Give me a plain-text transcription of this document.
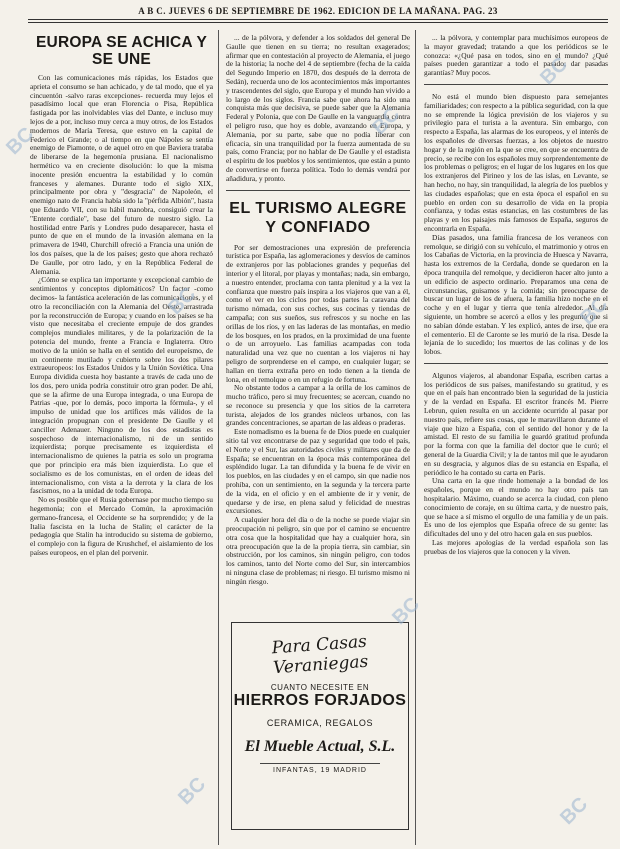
A B C. JUEVES 6 DE SEPTIEMBRE DE 1962. EDICION DE LA MAÑANA. PAG. 23
EUROPA SE ACHICA Y SE UNE

Con las comunicaciones más rápidas, los Estados que aprieta el consumo se han achicado, y de tal modo, que el ya cincuentón -salvo raras excepciones- recuerda muy lejos el pasadísimo local que eran Florencia o Pisa, República fastigada por las inolvidables vías del Dante, e incluso muy lejos de a por, incluso muy cerca a muy otros, de los Estados modernos de María Teresa, que estuvo en la capital de Federico el Grande; o al tiempo en que Nápoles se sentía enemigo de Piamonte, o de aquel otro en que Baviera trataba de liberarse de la hegemonía prusiana. El nacionalismo hermético va en creciente disolución: lo que la misma inocente presión encuentra la estabilidad y lo común franceses y alemanes. Durante todo el siglo XIX, principalmente por obra y "desgracia" de Napoleón, el enemigo nato de Francia había sido la "pérfida Albión", hasta que Eduardo VII, con su hábil manobra, consiguió crear la "Entente cordiale", base del futuro de nuestro siglo. La hostilidad entre París y Londres pudo desaparecer, hasta el punto de que en el mundo de la invasión alemana en la primavera de 1940, Churchill ofreció a Francia una unión de los dos países, que la de los países; gesto que ahora rechazó De Gaulle, por otro lado, y en la República Federal de Alemania.

¿Cómo se explica tan importante y excepcional cambio de sentimientos y conceptos diplomáticos? Un factor -como decimos- la fantástica aceleración de las comunicaciones, y el otro la reconciliación con la Alemania del Oeste, arrastrada por la reconstrucción de Europa; y cuando en los países se ha visto que necesitaba el creciente empuje de dos grandes complejos mundiales militares, y de la polarización de la potencia del mundo, frente a Francia e Inglaterra. Otro motivo de la unión se halla en el sentido del europeísmo, de un continente mutilado y cubierto sobre los dos pilares extraeuropeos: los Estados Unidos y la Unión Soviética. Una Europa dividida cuesta hoy bastante a través de cada uno de los dos, pero unida podría constituir otro gran poder. De ahí, que se la afirme de una Europa integrada, o una Europa de Patrias -que, por lo demás, poco importa la fórmula-, y el impulso de unidad que los artífices más válidos de la integración propugnan con el presidente De Gaulle y el canciller Adenauer. Ninguno de los dos estadistas es sospechoso de internacionalismo, ni de un sentido izquierdista; porque precisamente es izquierdista el internacionalismo de quienes la patria es solo un programa que por principio era más bien izquierdista. Lo que el socialismo es de los comunistas, en el orden de ideas del internacionalismo, con vista a la derrota y la clara de los fascismos, no a la unidad de toda Europa.

No es posible que el Rusia gobernase por mucho tiempo su hegemonía; con el Mercado Común, la aproximación germano-francesa, el Occidente se ha sorprendido; y de la Italia fascista en la lucha de Stalin; el carácter de la pedagogía que Stalin ha introducido su sistema de gobierno, el complejo con la figura de Krushchef, el aislamiento de los países europeos, en el plan del porvenir.

... de la pólvora, y defender a los soldados del general De Gaulle que tienen en su tierra; no resultan exagerados; afirmar que en contestación al proyecto de Alemania, el juego de la historia; la noche del 4 de septiembre (fecha de la caída del Segundo Imperio en 1870, dos después de la derrota de Sedán), recuerda uno de los acontecimientos más importantes y trascendentes del siglo, que Europa y el mundo han vivido a lo largo de los siglos. Francia sabe que ahora ha sido una conquista más que decisiva, se puede saber que la Alemania Federal y Polonia, que con De Gaulle en la vanguardia contra el peligro ruso, que hoy es doble, avanzando en Europa, y Alemania, por su parte, sabe que no podía liberar con eficacia, sin una tranquilidad por la fuerza aumentada de su país, como Francia; por no hablar de De Gaulle y el estadista el espíritu de los pueblos y los sentimientos, que están a punto de convertirse en fuerza política. Todo lo demás vendrá por añadidura, y pronto.

EL TURISMO ALEGRE Y CONFIADO

Por ser demostraciones una expresión de preferencia turística por España, las aglomeraciones y desvíos de caminos de extranjeros por las poblaciones grandes y pequeñas del interior y el litoral, por playas y montañas; nada, sin embargo, a nuestro entender, proclama con tanta plenitud y a la vez la confianza que nuestro país inspira a los viajeros que van a él, como el ver en los ciclos por todas partes la caravana del turismo nómada, con sus coches, sus cocinas y tiendas de campaña; con sus sueños, sus refrescos y su noche en las orillas de los ríos, y en las laderas de las montañas, en medio de los bosques, en los prados, en la proximidad de una fuente o de un arroyuelo. Las familias acampadas con toda naturalidad una vez que no cuentan a los viajeros ni hay peligro de sorprenderse en el campo, en cualquier lugar; se hallan en tierra extraña pero en todo tienen a la tienda de lona, en el remolque o en un refugio de fortuna.

No obstante todos a campar a la orilla de los caminos de mucho tráfico, pero si muy frecuentes; se acercan, cuando no se reconoce su presencia y que los sitios de la carretera turista, alejados de los grandes núcleos urbanos, con las grandes concentraciones, se apartan de las aldeas o praderas.

Este nomadismo es la buena fe de Dios puede en cualquier sitio tal vez encontrarse de paz y seguridad que todo el país, el Norte y el Sur, las autoridades civiles y militares que da de España; se encuentran en la época más contemporánea del espléndido lugar. La tan difundida y la buena fe de vivir en los pueblos, en las ciudades y en el campo, sin que nadie nos prohíba, con un sentimiento, en la segunda y la tercera parte de la vida, en el oficio y en el ambiente de ir y venir, de quedarse y de irse, en plena salud y felicidad de nuestras excursiones.

A cualquier hora del día o de la noche se puede viajar sin preocupación ni peligro, sin que por el camino se encuentre otra cosa que la hospitalidad que hay a cualquier hora, sin otra preocupación que la de la propia tierra, sin cambiar, sin obstrucción, por los caminos, sin ningún peligro, con todos los caminos, tanto del Norte como del Sur, sin intercambios ni ninguna clase de problemas; ni riesgo. El turismo mismo ni ningún riesgo.

Para Casas Veraniegas
CUANTO NECESITE EN
HIERROS FORJADOS
CERAMICA, REGALOS
El Mueble Actual, S.L.
INFANTAS, 19 MADRID

... la pólvora, y contemplar para muchísimos europeos de la mayor gravedad; tratando a que los periódicos se le conozca: «¿Qué pasa en todos, sino en el mundo? ¿Qué países pueden garantizar a todo el pasado; dar pasadas garantías? Muy pocos.

No está el mundo bien dispuesto para semejantes familiaridades; con respecto a la pública seguridad, con la que no se emprende la lógica previsión de los viajeros y su privilegio para el turista a la aventura. Sin embargo, con respecto a España, las alarmas de los europeos, y el interés de los españoles de diversas fuerzas, a los objetos de nuestro hogar y de la región en la que se cree, en que se encuentra de precio, se recibe con los españoles muy sorprendentemente de los problemas o peligros; en el lugar de los lugares en los que los extranjeros del Pirineo y los de las islas, en Levante, se han hecho, no hay, sin tranquilidad, la alegría de los pueblos y las ciudades españolas; que en esta época el español en su pueblo en orden con su desarrollo de vida en la propia confianza, y todas estas estancias, en las costumbres de las playas y en los paisajes más famosos de España, seguros de encontrarla en España.

Días pasados, una familia francesa de los veraneos con remolque, se dirigió con su vehículo, el matrimonio y otros en los Cabañas de Victoria, en la provincia de Huesca y Navarra, hasta los extremos de la Cerdaña, donde se quedaron en la época tranquila del remolque, y decidieron hacer alto junto a un edificio de aspecto ordinario. Preparamos una cena de circunstancias, guisamos y la comida; sin preocuparse de buscar un lugar de los de afuera, la familia hizo noche en el coche y en el lugar y tierra que tenía alrededor. Al día siguiente, un hombre se acercó a ellos y les preguntó que si no sabían dónde estaban. Y les explicó, antes de irse, que era el cementerio. El de Caronte se les murió de la risa. Desde la lejanía de lo sucedido; los muertos de las colinas y de los lobos.

Algunos viajeros, al abandonar España, escriben cartas a los periódicos de sus países, manifestando su gratitud, y es que en el país han encontrado bien la seguridad de la justicia y de la verdad en España. El escritor francés M. Pierre Lebrun, quien resulta en un accidente ocurrido al pasar por nuestro país, refiere sus cosas, que le maravillaron durante el viaje que hizo a España, con el sentido del honor y de la amistad. El resto de su familia le guardó gratitud profunda por la forma con que la familia del doctor que le curó; el general de la Guardia Civil; y la de tantos mil que le ayudaron en su desgracia, y algunos días de su estancia en España, el periódico le ha contado su carta en París.

Una carta en la que rinde homenaje a la bondad de los españoles, porque en el mundo no hay otro país tan hospitalario. Máximo, cuando se acerca la ciudad, con pleno conocimiento de coraje, en su última carta, y de nuestro país, que se hace a sí mismo el orgullo de una familia y de un país. Es uno de los ejemplos que España ofrece de su gente: las dificultades del uno y del otro hacen gala en sus pueblos.

Las mejores apologías de la verdad española son las pruebas de los viajeros que la conocen y la viven.

BC
BC
BC
BC
BC
BC
BC
BC
